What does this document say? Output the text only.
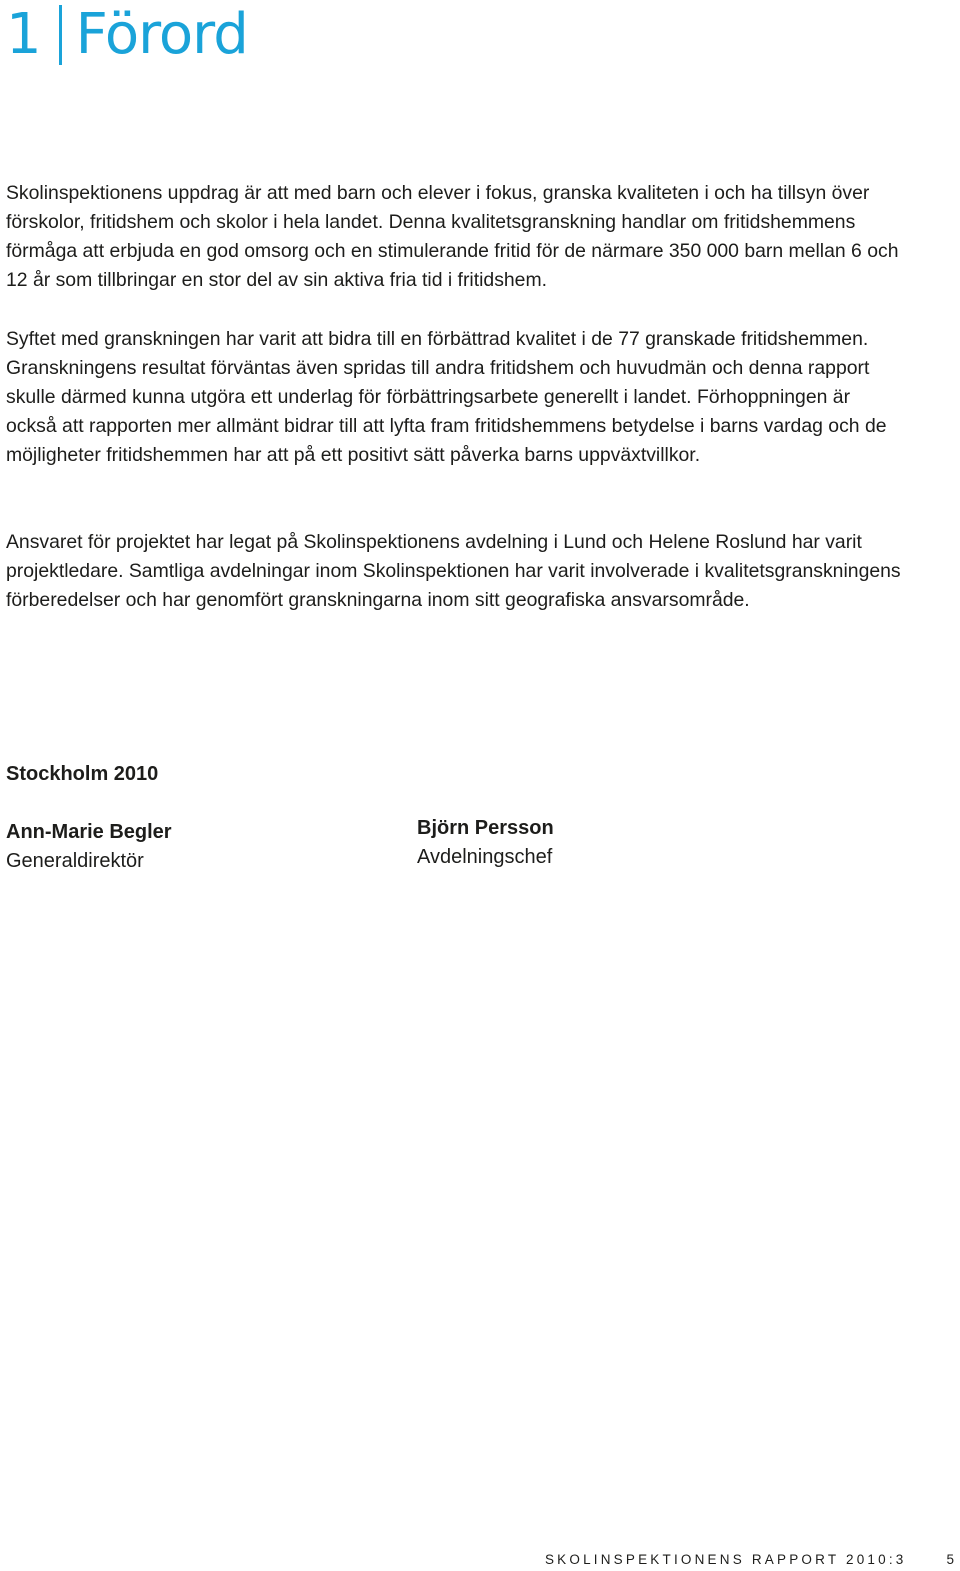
1 Förord

Skolinspektionens uppdrag är att med barn och elever i fokus, granska kvaliteten i och ha tillsyn över förskolor, fritidshem och skolor i hela landet. Denna kvalitetsgranskning handlar om fritidshemmens förmåga att erbjuda en god omsorg och en stimulerande fritid för de närmare 350 000 barn mellan 6 och 12 år som tillbringar en stor del av sin aktiva fria tid i fritidshem.

Syftet med granskningen har varit att bidra till en förbättrad kvalitet i de 77 granskade fritidshemmen. Granskningens resultat förväntas även spridas till andra fritidshem och huvudmän och denna rapport skulle därmed kunna utgöra ett underlag för förbättringsarbete generellt i landet. Förhoppningen är också att rapporten mer allmänt bidrar till att lyfta fram fritidshemmens betydelse i barns vardag och de möjligheter fritidshemmen har att på ett positivt sätt påverka barns uppväxtvillkor.

Ansvaret för projektet har legat på Skolinspektionens avdelning i Lund och Helene Roslund har varit projektledare. Samtliga avdelningar inom Skolinspektionen har varit involverade i kvalitetsgranskningens förberedelser och har genomfört granskningarna inom sitt geografiska ansvarsområde.

Stockholm 2010

Ann-Marie Begler

Generaldirektör

Björn Persson

Avdelningschef

SKOLINSPEKTIONENS RAPPORT 2010:3	5
